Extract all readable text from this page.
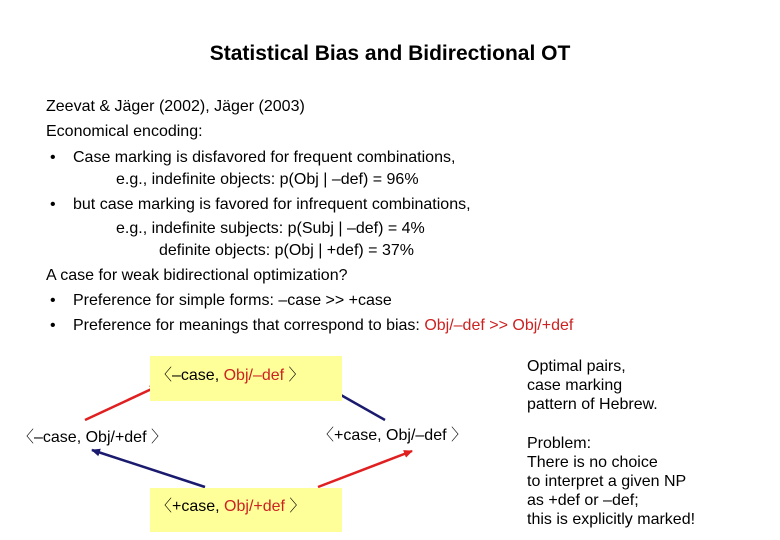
Statistical Bias and Bidirectional OT
Zeevat & Jäger (2002), Jäger (2003)
Economical encoding:
• Case marking is disfavored for frequent combinations,
e.g., indefinite objects: p(Obj | –def) = 96%
• but case marking is favored for infrequent combinations,
e.g., indefinite subjects: p(Subj | –def) = 4%
definite objects: p(Obj | +def) = 37%
A case for weak bidirectional optimization?
• Preference for simple forms: –case >> +case
• Preference for meanings that correspond to bias: Obj/–def >> Obj/+def
〈–case, Obj/–def 〉
〈–case, Obj/+def 〉	〈+case, Obj/–def 〉
〈+case, Obj/+def 〉
Optimal pairs,
case marking
pattern of Hebrew.
Problem:
There is no choice
to interpret a given NP
as +def or –def;
this is explicitly marked!
